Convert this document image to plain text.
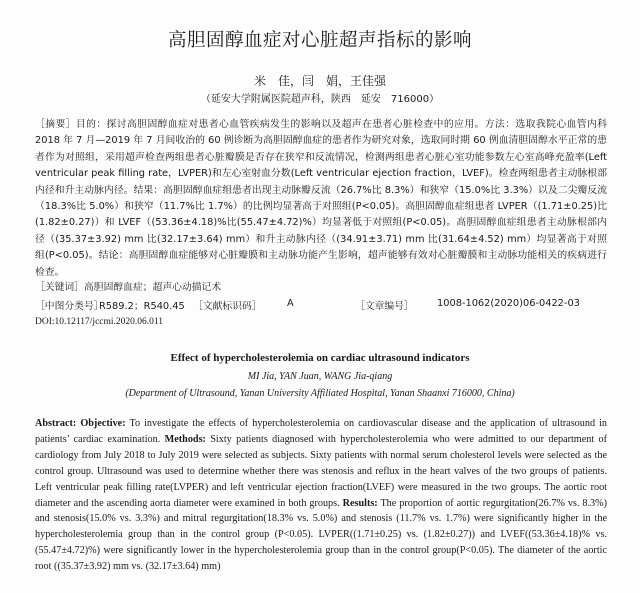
高胆固醇血症对心脏超声指标的影响
米　佳，闫　娟，王佳强
（延安大学附属医院超声科，陕西　延安　716000）

［摘要］目的：探讨高胆固醇血症对患者心血管疾病发生的影响以及超声在患者心脏检查中的应用。方法：选取我院心血管内科 2018 年 7 月—2019 年 7 月间收治的 60 例诊断为高胆固醇血症的患者作为研究对象，选取同时期 60 例血清胆固醇水平正常的患者作为对照组，采用超声检查两组患者心脏瓣膜是否存在狭窄和反流情况，检测两组患者心脏心室功能参数左心室高峰充盈率(Left ventricular peak filling rate，LVPER)和左心室射血分数(Left ventricular ejection fraction，LVEF)。检查两组患者主动脉根部内径和升主动脉内径。结果：高胆固醇血症组患者出现主动脉瓣反流（26.7%比 8.3%）和狭窄（15.0%比 3.3%）以及二尖瓣反流（18.3%比 5.0%）和狭窄（11.7%比 1.7%）的比例均显著高于对照组(P<0.05)。高胆固醇血症组患者 LVPER（(1.71±0.25)比(1.82±0.27)）和 LVEF（(53.36±4.18)%比(55.47±4.72)%）均显著低于对照组(P<0.05)。高胆固醇血症组患者主动脉根部内径（(35.37±3.92) mm 比(32.17±3.64) mm）和升主动脉内径（(34.91±3.71) mm 比(31.64±4.52) mm）均显著高于对照组(P<0.05)。结论：高胆固醇血症能够对心脏瓣膜和主动脉功能产生影响，超声能够有效对心脏瓣膜和主动脉功能相关的疾病进行检查。

［关键词］高胆固醇血症；超声心动描记术
［中图分类号］
R589.2；R540.45 ［文献标识码］	A	［文章编号］ 1008-1062(2020)06-0422-03
DOI:10.12117/jccmi.2020.06.011
Effect of hypercholesterolemia on cardiac ultrasound indicators
MI Jia, YAN Juan, WANG Jia-qiang
(Department of Ultrasound, Yanan University Affiliated Hospital, Yanan Shaanxi 716000, China)

Abstract: Objective: To investigate the effects of hypercholesterolemia on cardiovascular disease and the application of ultrasound in patients’ cardiac examination. Methods: Sixty patients diagnosed with hypercholesterolemia who were admitted to our department of cardiology from July 2018 to July 2019 were selected as subjects. Sixty patients with normal serum cholesterol levels were selected as the control group. Ultrasound was used to determine whether there was stenosis and reflux in the heart valves of the two groups of patients. Left ventricular peak filling rate(LVPER) and left ventricular ejection fraction(LVEF) were measured in the two groups. The aortic root diameter and the ascending aorta diameter were examined in both groups. Results: The proportion of aortic regurgitation(26.7% vs. 8.3%) and stenosis(15.0% vs. 3.3%) and mitral regurgitation(18.3% vs. 5.0%) and stenosis (11.7% vs. 1.7%) were significantly higher in the hypercholesterolemia group than in the control group (P<0.05). LVPER((1.71±0.25) vs. (1.82±0.27)) and LVEF((53.36±4.18)% vs. (55.47±4.72)%) were significantly lower in the hypercholesterolemia group than in the control group(P<0.05). The diameter of the aortic root ((35.37±3.92) mm vs. (32.17±3.64) mm)
